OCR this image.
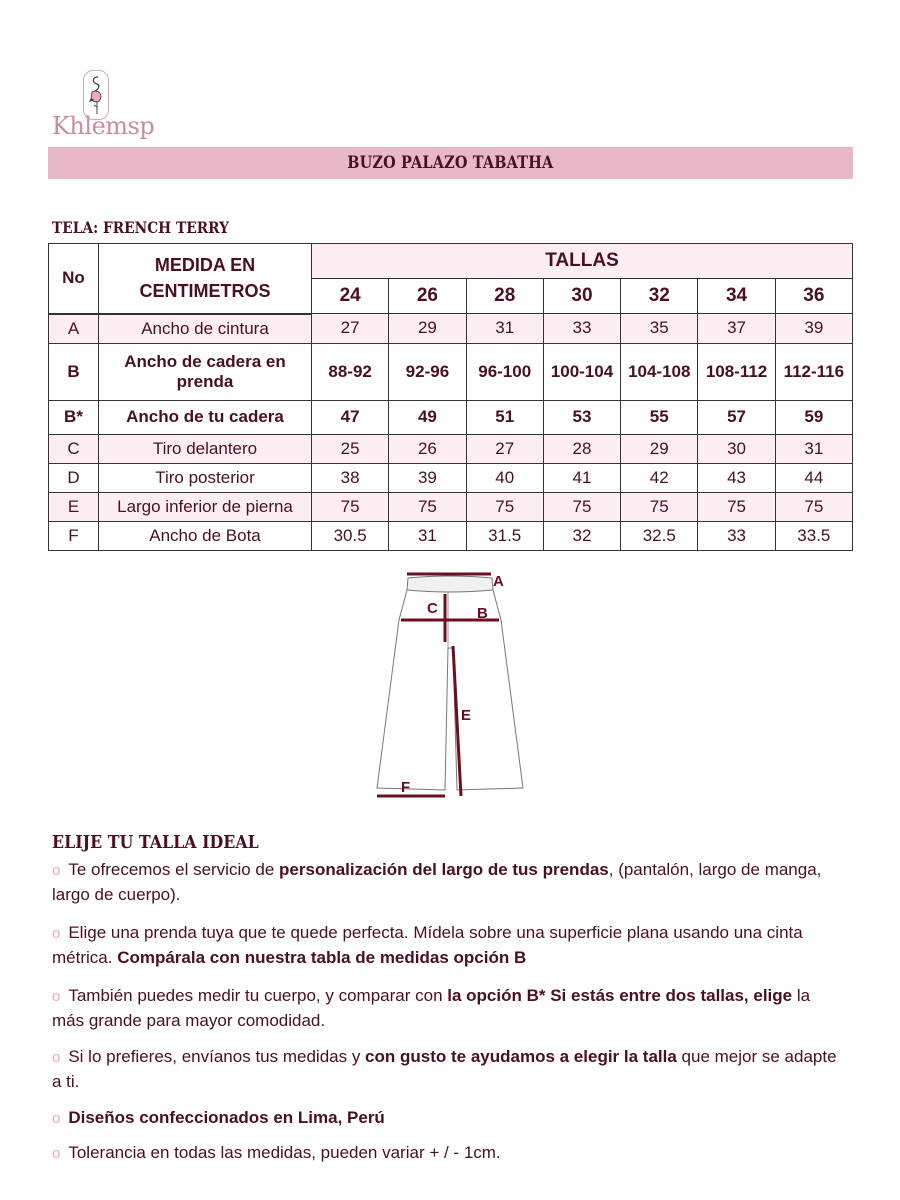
Khlemsp
BUZO PALAZO TABATHA
TELA: FRENCH TERRY
No	MEDIDA EN CENTIMETROS	TALLAS						
		24	26	28	30	32	34	36
A	Ancho de cintura	27	29	31	33	35	37	39
B	Ancho de cadera en prenda	88-92	92-96	96-100	100-104	104-108	108-112	112-116
B*	Ancho de tu cadera	47	49	51	53	55	57	59
C	Tiro delantero	25	26	27	28	29	30	31
D	Tiro posterior	38	39	40	41	42	43	44
E	Largo inferior de pierna	75	75	75	75	75	75	75
F	Ancho de Bota	30.5	31	31.5	32	32.5	33	33.5
A
B
C
E
F
ELIJE TU TALLA IDEAL

o Te ofrecemos el servicio de personalización del largo de tus prendas, (pantalón, largo de manga, largo de cuerpo).

o Elige una prenda tuya que te quede perfecta. Mídela sobre una superficie plana usando una cinta métrica. Compárala con nuestra tabla de medidas opción B

o También puedes medir tu cuerpo, y comparar con la opción B* Si estás entre dos tallas, elige la más grande para mayor comodidad.

o Si lo prefieres, envíanos tus medidas y con gusto te ayudamos a elegir la talla que mejor se adapte a ti.

o Diseños confeccionados en Lima, Perú

o Tolerancia en todas las medidas, pueden variar + / - 1cm.
